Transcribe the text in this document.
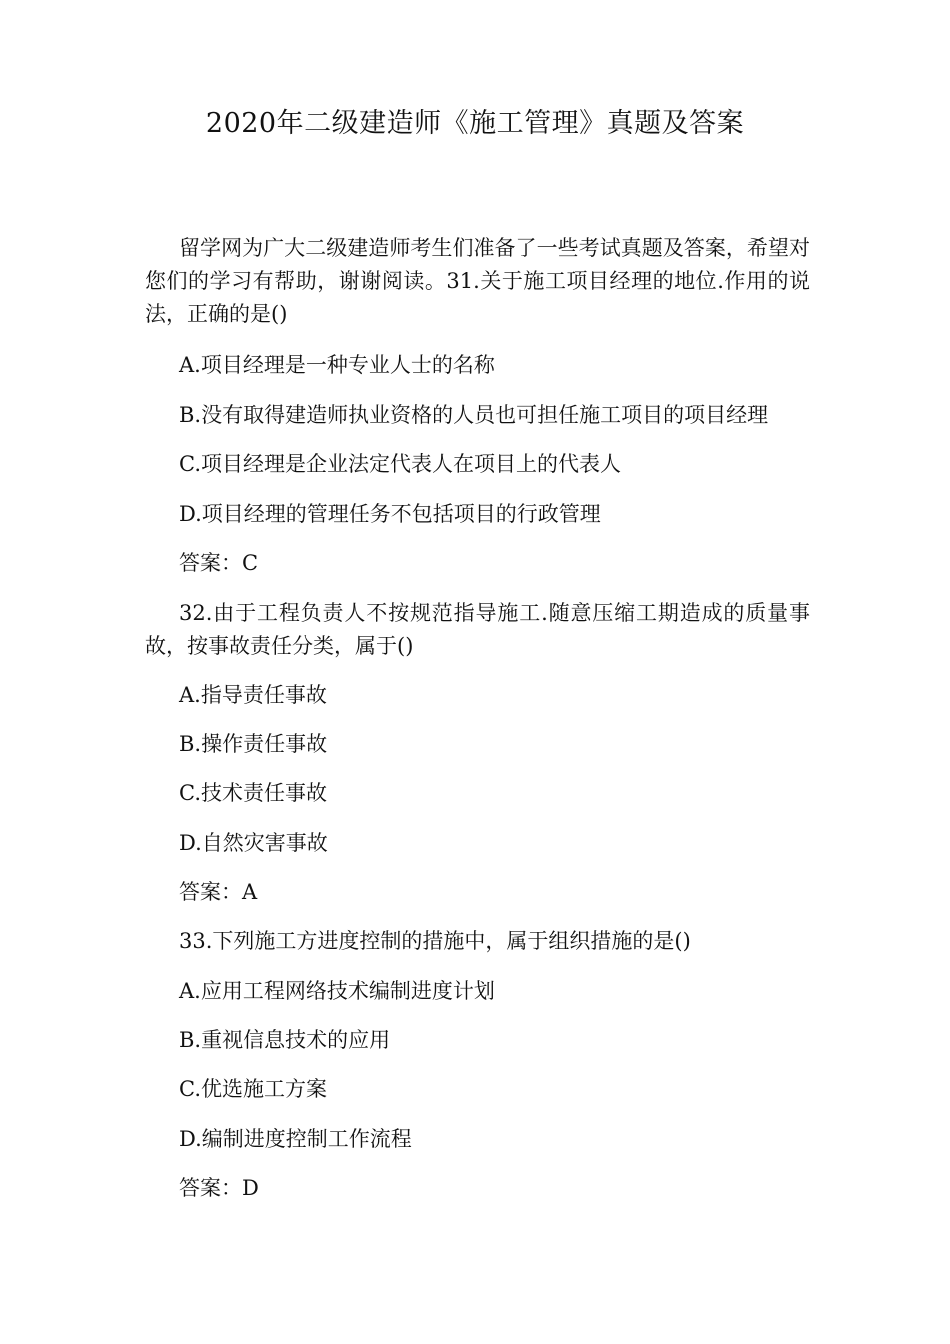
2020年二级建造师《施工管理》真题及答案
留学网为广大二级建造师考生们准备了一些考试真题及答案，希望对您们的学习有帮助，谢谢阅读。31.关于施工项目经理的地位.作用的说法，正确的是()
A.项目经理是一种专业人士的名称
B.没有取得建造师执业资格的人员也可担任施工项目的项目经理
C.项目经理是企业法定代表人在项目上的代表人
D.项目经理的管理任务不包括项目的行政管理
答案：C
32.由于工程负责人不按规范指导施工.随意压缩工期造成的质量事故，按事故责任分类，属于()
A.指导责任事故
B.操作责任事故
C.技术责任事故
D.自然灾害事故
答案：A
33.下列施工方进度控制的措施中，属于组织措施的是()
A.应用工程网络技术编制进度计划
B.重视信息技术的应用
C.优选施工方案
D.编制进度控制工作流程
答案：D
